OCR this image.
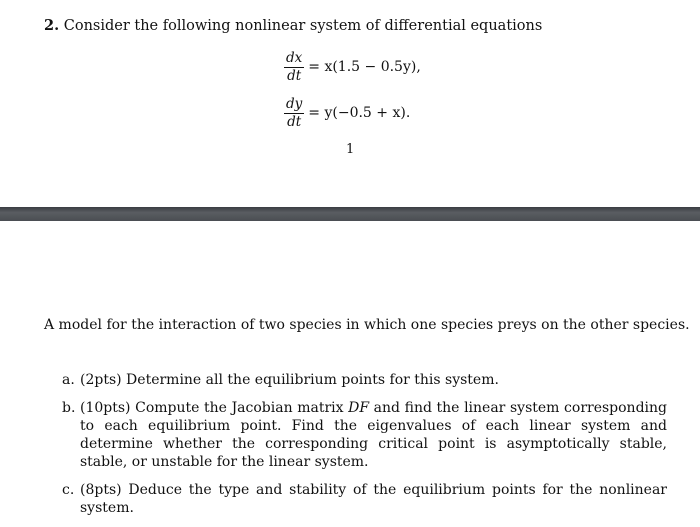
2. Consider the following nonlinear system of differential equations
$\frac{dx}{dt} = x(1.5 - 0.5y)$,
$\frac{dy}{dt} = y(-0.5 + x)$.
1
A model for the interaction of two species in which one species preys on the other species.
a. (2pts) Determine all the equilibrium points for this system.
b. (10pts) Compute the Jacobian matrix DF and find the linear system corresponding to each equilibrium point. Find the eigenvalues of each linear system and determine whether the corresponding critical point is asymptotically stable, stable, or unstable for the linear system.
c. (8pts) Deduce the type and stability of the equilibrium points for the nonlinear system.
